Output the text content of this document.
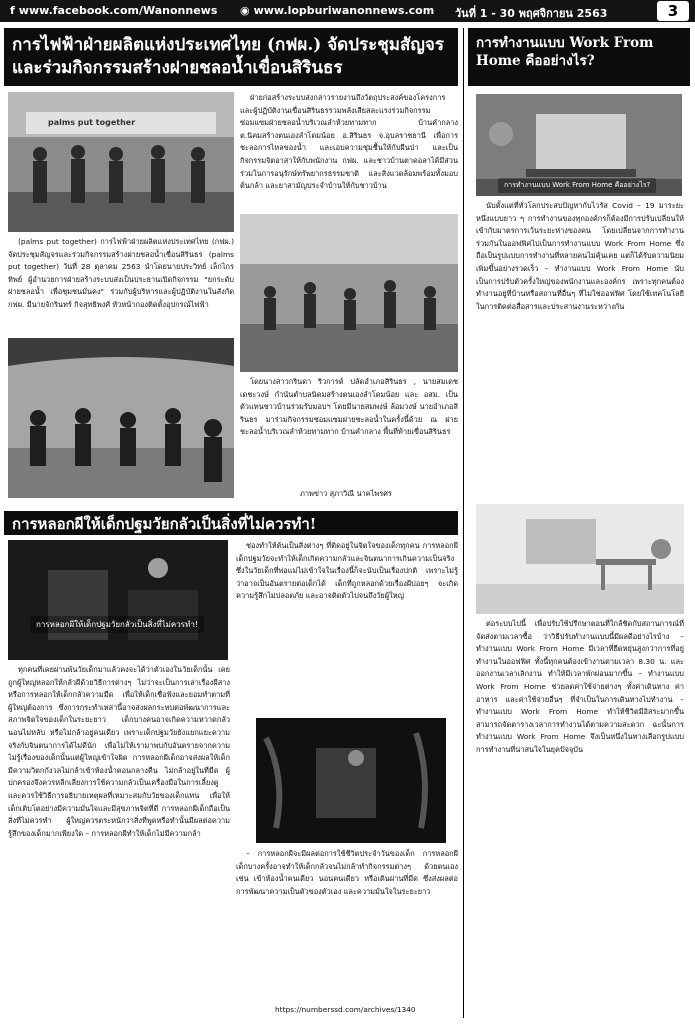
f www.facebook.com/Wanonnews ◉ www.lopburiwanonnews.com วันที่ 1 - 30 พฤศจิกายน 2563	3
การไฟฟ้าฝ่ายผลิตแห่งประเทศไทย (กฟผ.) จัดประชุมสัญจร และร่วมกิจกรรมสร้างฝายชลอน้ำเขื่อนสิรินธร
palms put together

(palms put together) การไฟฟ้าฝ่ายผลิตแห่งประเทศไทย (กฟผ.) จัดประชุมสัญจรและร่วมกิจกรรมสร้างฝายชลอน้ำเขื่อนสิรินธร (palms put together) วันที่ 28 ตุลาคม 2563 นำโดยนายประวิทย์ เล็กไกรทิพย์ ผู้อำนวยการฝ่ายสร้างระบบส่งเป็นประธานเปิดกิจกรรม "ยกระดับฝายชลอน้ำ เพื่อชุมชนมั่นคง" ร่วมกับผู้บริหารและผู้ปฏิบัติงานในสังกัดกฟผ. มีนายจักรินทร์ กิจสุทธิพงศ์ หัวหน้ากองติดตั้งอุปกรณ์ไฟฟ้า

ฝ่ายก่อสร้างระบบส่งกล่าวรายงานถึงวัตถุประสงค์ของโครงการและผู้ปฏิบัติงานเขื่อนสิรินธรรวมพลังเสียสละแรงร่วมกิจกรรมซ่อมแซมฝ่ายชลอน้ำบริเวณลำห้วยทามทาก บ้านคำกลาง ต.นิคมสร้างตนเองลำโดมน้อย อ.สิรินธร จ.อุบลราชธานี เพื่อการชะลอการไหลของน้ำ และเอบความชุ่มชื้นให้กับผืนป่า และเป็นกิจกรรมจิตอาสาให้กับพนักงาน กฟผ. และชาวบ้านตาดอลาได้มีส่วนร่วมในการอนุรักษ์ทรัพยากรธรรมชาติ และสิ่งแวดล้อมพร้อมทั้งมอบต้นกล้า และยาสามัญประจำบ้านให้กับชาวบ้าน

โดยนางสาวกรินดา ริวการต์ ปลัดอำเภอสิรินธร , นายสมเดช เดชะวงษ์ กำนันตำบลนิคมสร้างตนเองลำโดมน้อย และ อสม. เป็นตัวแทนชาวบ้านร่วมรับมอบฯ โดยมีนายสมพงษ์ ล้อมวงษ์ นายอำเภอสิรินธร มาร่วมกิจกรรมซ่อมแซมฝายชะลอน้ำในครั้งนี้ด้วย ณ ฝายชะลอน้ำบริเวณลำห้วยทามทาก บ้านคำกลาง พื้นที่ท้ายเขื่อนสิรินธร

ภาพข่าว สุภาวิณี นาคไพรศร
การหลอกผีให้เด็กปฐมวัยกลัวเป็นสิ่งที่ไม่ควรทำ!
การหลอกผีให้เด็กปฐมวัยกลัวเป็นสิ่งที่ไม่ควรทำ!

ทุกคนที่เคยผ่านพ้นวัยเด็กมาแล้วคงจะได้ว่าตัวเองในวัยเด็กนั้น เคยถูกผู้ใหญ่หลอกให้กลัวผีด้วยวิธีการต่างๆ ไม่ว่าจะเป็นการเล่าเรื่องผีสาง หรือการหลอกให้เด็กกลัวความมืด เพื่อให้เด็กเชื่อฟังและยอมทำตามที่ผู้ใหญ่ต้องการ ซึ่งการกระทำเหล่านี้อาจส่งผลกระทบต่อพัฒนาการและสภาพจิตใจของเด็กในระยะยาว เด็กบางคนอาจเกิดความหวาดกลัว นอนไม่หลับ หรือไม่กล้าอยู่คนเดียว เพราะเด็กปฐมวัยยังแยกแยะความจริงกับจินตนาการได้ไม่ดีนัก เพื่อไม่ให้เรามาพบกับอันตรายจากความไม่รู้เรื่องของเด็กนั้นแต่ผู้ใหญ่เข้าใจผิด การหลอกผีเด็กอาจส่งผลให้เด็กมีความวิตกกังวลไม่กล้าเข้าห้องน้ำตอนกลางคืน ไม่กล้าอยู่ในที่มืด ผู้ปกครองจึงควรหลีกเลี่ยงการใช้ความกลัวเป็นเครื่องมือในการเลี้ยงดู และควรใช้วิธีการอธิบายเหตุผลที่เหมาะสมกับวัยของเด็กแทน เพื่อให้เด็กเติบโตอย่างมีความมั่นใจและมีสุขภาพจิตที่ดี การหลอกผีเด็กถือเป็นสิ่งที่ไม่ควรทำ ผู้ใหญ่ควรตระหนักว่าสิ่งที่พูดหรือทำนั้นมีผลต่อความรู้สึกของเด็กมากเพียงใด – การหลอกผีทำให้เด็กไม่มีความกล้า

ช่องทำให้ต้นเป็นสิ่งต่างๆ ที่ติดอยู่ในจิตใจของเด็กทุกคน การหลอกผีเด็กปฐมวัยจะทำให้เด็กเกิดความกลัวและจินตนาการเกินความเป็นจริง ซึ่งในวัยเด็กที่พ่อแม่ไม่เข้าใจในเรื่องนี้ก็จะนับเป็นเรื่องปกติ เพราะไม่รู้ว่าอาจเป็นอันตรายต่อเด็กได้ เด็กที่ถูกหลอกด้วยเรื่องผีบ่อยๆ จะเกิดความรู้สึกไม่ปลอดภัย และอาจติดตัวไปจนถึงวัยผู้ใหญ่

– การหลอกผีจะมีผลต่อการใช้ชีวิตประจำวันของเด็ก การหลอกผีเด็กบางครั้งอาจทำให้เด็กกลัวจนไม่กล้าทำกิจกรรมต่างๆ ด้วยตนเอง เช่น เข้าห้องน้ำคนเดียว นอนคนเดียว หรือเดินผ่านที่มืด ซึ่งส่งผลต่อการพัฒนาความเป็นตัวของตัวเอง และความมั่นใจในระยะยาว

https://numberssd.com/archives/1340
การทำงานแบบ Work From Home คืออย่างไร?
การทำงานแบบ Work From Home คืออย่างไร?

นับตั้งแต่ที่ทั่วโลกประสบปัญหากับไวรัส Covid – 19 มาระยะหนึ่งแบบยาว ๆ การทำงานของทุกองค์กรก็ต้องมีการปรับเปลี่ยนให้เข้ากับมาตรการเว้นระยะห่างของคน โดยเปลี่ยนจากการทำงานร่วมกันในออฟฟิศไปเป็นการทำงานแบบ Work From Home ซึ่งถือเป็นรูปแบบการทำงานที่หลายคนไม่คุ้นเคย แต่ก็ได้รับความนิยมเพิ่มขึ้นอย่างรวดเร็ว – ทำงานแบบ Work From Home นับเป็นการปรับตัวครั้งใหญ่ของพนักงานและองค์กร เพราะทุกคนต้องทำงานอยู่ที่บ้านหรือสถานที่อื่นๆ ที่ไม่ใช่ออฟฟิศ โดยใช้เทคโนโลยีในการติดต่อสื่อสารและประสานงานระหว่างกัน

ต่อระบบไปนี้ เพื่อปรับใช้ปรึกษาตอนที่ใกล้ชิดกับสถานการณ์ที่จัดส่งตามเวลาซื้อ ว่าวิธีปรับทำงานแบบนี้มีผลดีอย่างไรบ้าง – ทำงานแบบ Work From Home มีเวลาที่ยืดหยุ่นสูงกว่าการที่อยู่ทำงานในออฟฟิศ ทั้งนี้ทุกคนต้องเข้างานตามเวลา 8.30 น. และออกงานเวลาเลิกงาน ทำให้มีเวลาพักผ่อนมากขึ้น – ทำงานแบบ Work From Home ช่วยลดค่าใช้จ่ายต่างๆ ทั้งค่าเดินทาง ค่าอาหาร และค่าใช้จ่ายอื่นๆ ที่จำเป็นในการเดินทางไปทำงาน – ทำงานแบบ Work From Home ทำให้ชีวิตมีอิสระมากขึ้น สามารถจัดตารางเวลาการทำงานได้ตามความสะดวก ฉะนั้นการทำงานแบบ Work From Home จึงเป็นหนึ่งในทางเลือกรูปแบบการทำงานที่น่าสนใจในยุคปัจจุบัน
